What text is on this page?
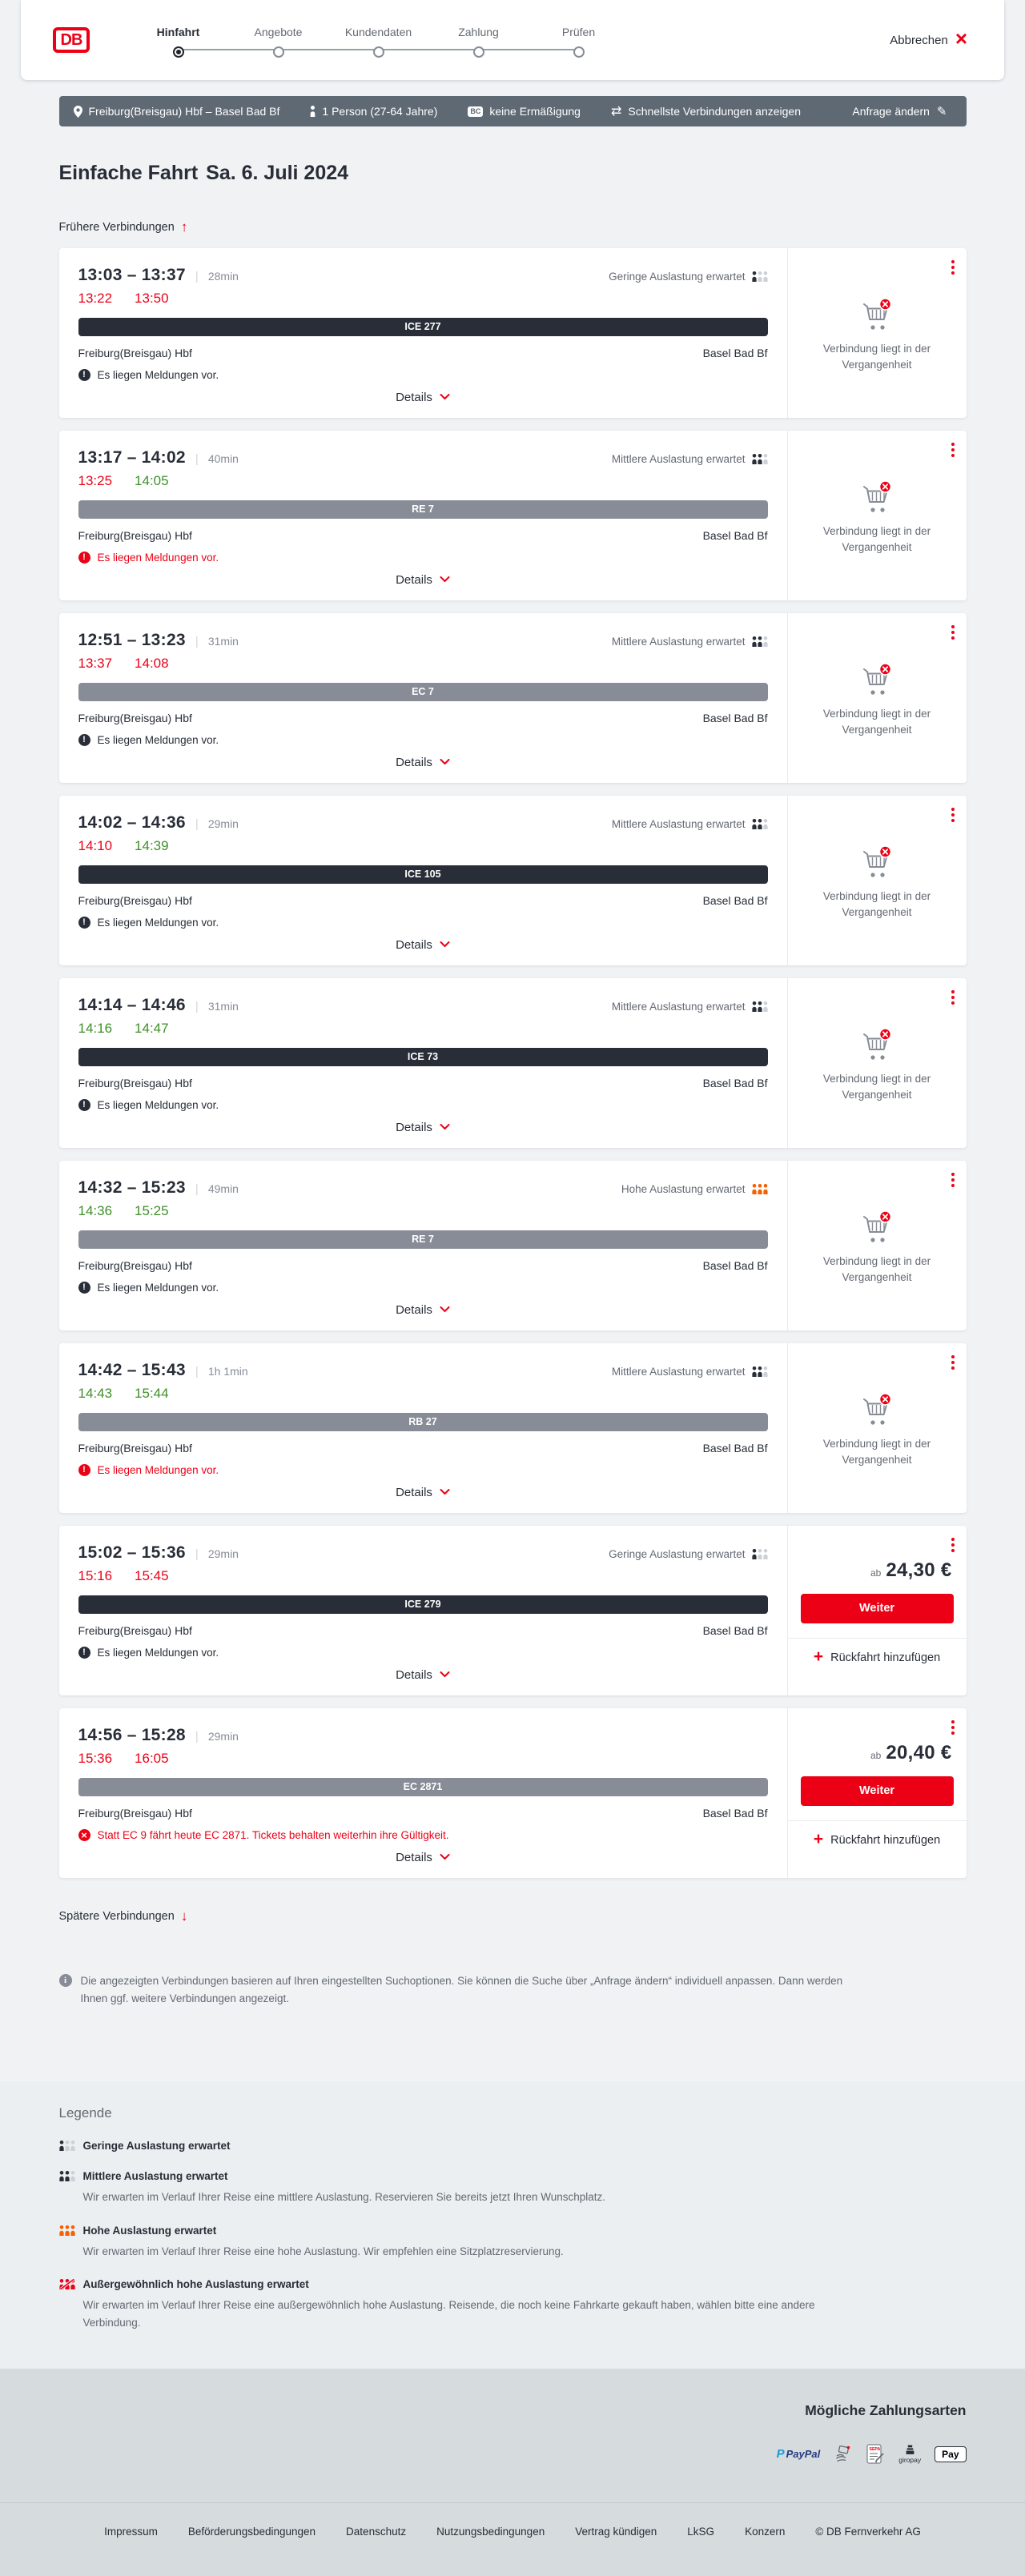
DB	Hinfahrt	Angebote	Kundendaten	Zahlung	Prüfen
Abbrechen
×
Freiburg(Breisgau) Hbf – Basel Bad Bf	1 Person (27-64 Jahre)	BC keine Ermäßigung ⇄	Schnellste Verbindungen anzeigen	Anfrage ändern
✎
Einfache Fahrt Sa. 6. Juli 2024
Frühere Verbindungen
↑
13:03 – 13:37 | 28min	Geringe Auslastung erwartet
13:22 13:50
ICE 277
Freiburg(Breisgau) Hbf	Basel Bad Bf
!
Es liegen Meldungen vor.
Details
Verbindung liegt in der Vergangenheit
13:17 – 14:02 | 40min	Mittlere Auslastung erwartet
13:25 14:05
RE 7
Freiburg(Breisgau) Hbf	Basel Bad Bf
!
Es liegen Meldungen vor.
Details
Verbindung liegt in der Vergangenheit
12:51 – 13:23 | 31min	Mittlere Auslastung erwartet
13:37 14:08
EC 7
Freiburg(Breisgau) Hbf	Basel Bad Bf
!
Es liegen Meldungen vor.
Details
Verbindung liegt in der Vergangenheit
14:02 – 14:36 | 29min	Mittlere Auslastung erwartet
14:10 14:39
ICE 105
Freiburg(Breisgau) Hbf	Basel Bad Bf
!
Es liegen Meldungen vor.
Details
Verbindung liegt in der Vergangenheit
14:14 – 14:46 | 31min	Mittlere Auslastung erwartet
14:16 14:47
ICE 73
Freiburg(Breisgau) Hbf	Basel Bad Bf
!
Es liegen Meldungen vor.
Details
Verbindung liegt in der Vergangenheit
14:32 – 15:23 | 49min	Hohe Auslastung erwartet
14:36 15:25
RE 7
Freiburg(Breisgau) Hbf	Basel Bad Bf
!
Es liegen Meldungen vor.
Details
Verbindung liegt in der Vergangenheit
14:42 – 15:43 | 1h 1min	Mittlere Auslastung erwartet
14:43 15:44
RB 27
Freiburg(Breisgau) Hbf	Basel Bad Bf
!
Es liegen Meldungen vor.
Details
Verbindung liegt in der Vergangenheit
15:02 – 15:36 | 29min	Geringe Auslastung erwartet
15:16 15:45
ICE 279
Freiburg(Breisgau) Hbf	Basel Bad Bf
!
Es liegen Meldungen vor.
Details
ab 24,30 €
Weiter
+
Rückfahrt hinzufügen
14:56 – 15:28 | 29min
15:36 16:05
EC 2871
Freiburg(Breisgau) Hbf	Basel Bad Bf
×
Statt EC 9 fährt heute EC 2871. Tickets behalten weiterhin ihre Gültigkeit.
Details
ab 20,40 €
Weiter
+
Rückfahrt hinzufügen
Spätere Verbindungen
↓
i
Die angezeigten Verbindungen basieren auf Ihren eingestellten Suchoptionen. Sie können die Suche über „Anfrage ändern“ individuell anpassen. Dann werden Ihnen ggf. weitere Verbindungen angezeigt.
Legende
Geringe Auslastung erwartet
Mittlere Auslastung erwartet

Wir erwarten im Verlauf Ihrer Reise eine mittlere Auslastung. Reservieren Sie bereits jetzt Ihren Wunschplatz.

Hohe Auslastung erwartet

Wir erwarten im Verlauf Ihrer Reise eine hohe Auslastung. Wir empfehlen eine Sitzplatzreservierung.

Außergewöhnlich hohe Auslastung erwartet

Wir erwarten im Verlauf Ihrer Reise eine außergewöhnlich hohe Auslastung. Reisende, die noch keine Fahrkarte gekauft haben, wählen bitte eine andere Verbindung.

Mögliche Zahlungsarten
P
PayPal	SEPA
giropay	Pay
Impressum	Beförderungsbedingungen	Datenschutz	Nutzungsbedingungen	Vertrag kündigen	LkSG	Konzern	© DB Fernverkehr AG
